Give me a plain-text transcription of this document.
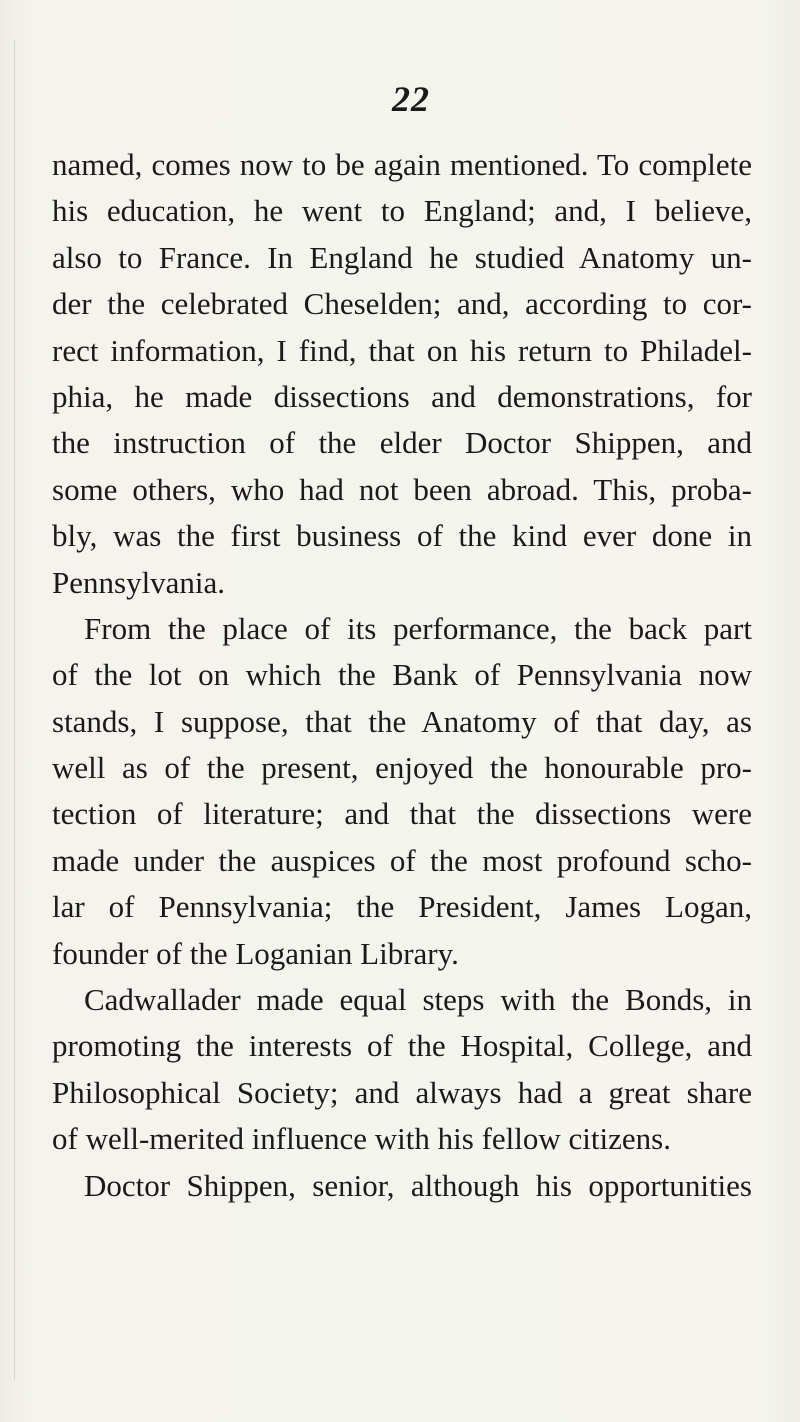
22
named, comes now to be again mentioned. To complete
his education, he went to England; and, I believe,
also to France. In England he studied Anatomy un-
der the celebrated Cheselden; and, according to cor-
rect information, I find, that on his return to Philadel-
phia, he made dissections and demonstrations, for
the instruction of the elder Doctor Shippen, and
some others, who had not been abroad. This, proba-
bly, was the first business of the kind ever done in
Pennsylvania.
From the place of its performance, the back part
of the lot on which the Bank of Pennsylvania now
stands, I suppose, that the Anatomy of that day, as
well as of the present, enjoyed the honourable pro-
tection of literature; and that the dissections were
made under the auspices of the most profound scho-
lar of Pennsylvania; the President, James Logan,
founder of the Loganian Library.
Cadwallader made equal steps with the Bonds, in
promoting the interests of the Hospital, College, and
Philosophical Society; and always had a great share
of well-merited influence with his fellow citizens.
Doctor Shippen, senior, although his opportunities
